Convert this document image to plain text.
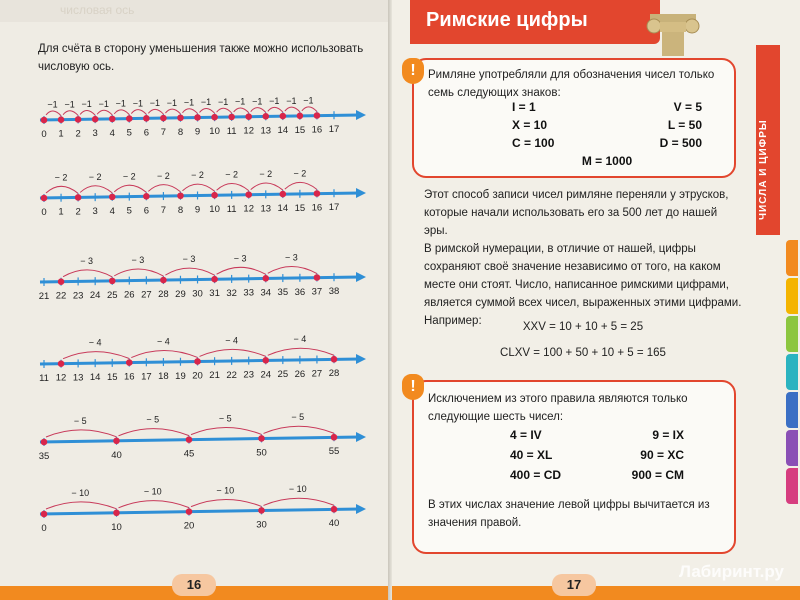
числовая ось
Для счёта в сторону уменьшения также можно использовать числовую ось.
0 1 2 3 4 5 6 7 8 9 10 11 12 13 14 15 16 17
−1
−1
−1
−1
−1
−1
−1
−1
−1
−1
−1
−1
−1
−1
−1
−1
0 1 2 3 4 5 6 7 8 9 10 11 12 13 14 15 16 17
− 2
− 2
− 2
− 2
− 2
− 2
− 2
− 2
21 22 23 24 25 26 27 28 29 30 31 32 33 34 35 36 37 38
− 3
− 3
− 3
− 3
− 3
11 12 13 14 15 16 17 18 19 20 21 22 23 24 25 26 27 28
− 4
− 4
− 4
− 4
35	40	45	50	55
− 5
− 5
− 5
− 5
0	10	20	30	40
− 10
− 10
− 10
− 10
16
Римские цифры
ЧИСЛА И ЦИФРЫ
!	Римляне употребляли для обозначения чисел только семь следующих знаков:
I = 1	V = 5
X = 10	L = 50
C = 100	D = 500
M = 1000
Этот способ записи чисел римляне переняли у этрусков, которые начали использовать его за 500 лет до нашей эры.
В римской нумерации, в отличие от нашей, цифры сохраняют своё значение независимо от того, на каком месте они стоят. Число, написанное римскими цифрами, является суммой всех чисел, выраженных этими цифрами. Например:	XXV = 10 + 10 + 5 = 25
CLXV = 100 + 50 + 10 + 5 = 165
!
Исключением из этого правила являются только следующие шесть чисел:
4 = IV	9 = IX
40 = XL	90 = XC
400 = CD	900 = CM
В этих числах значение левой цифры вычитается из значения правой.
17
Лабиринт.ру
